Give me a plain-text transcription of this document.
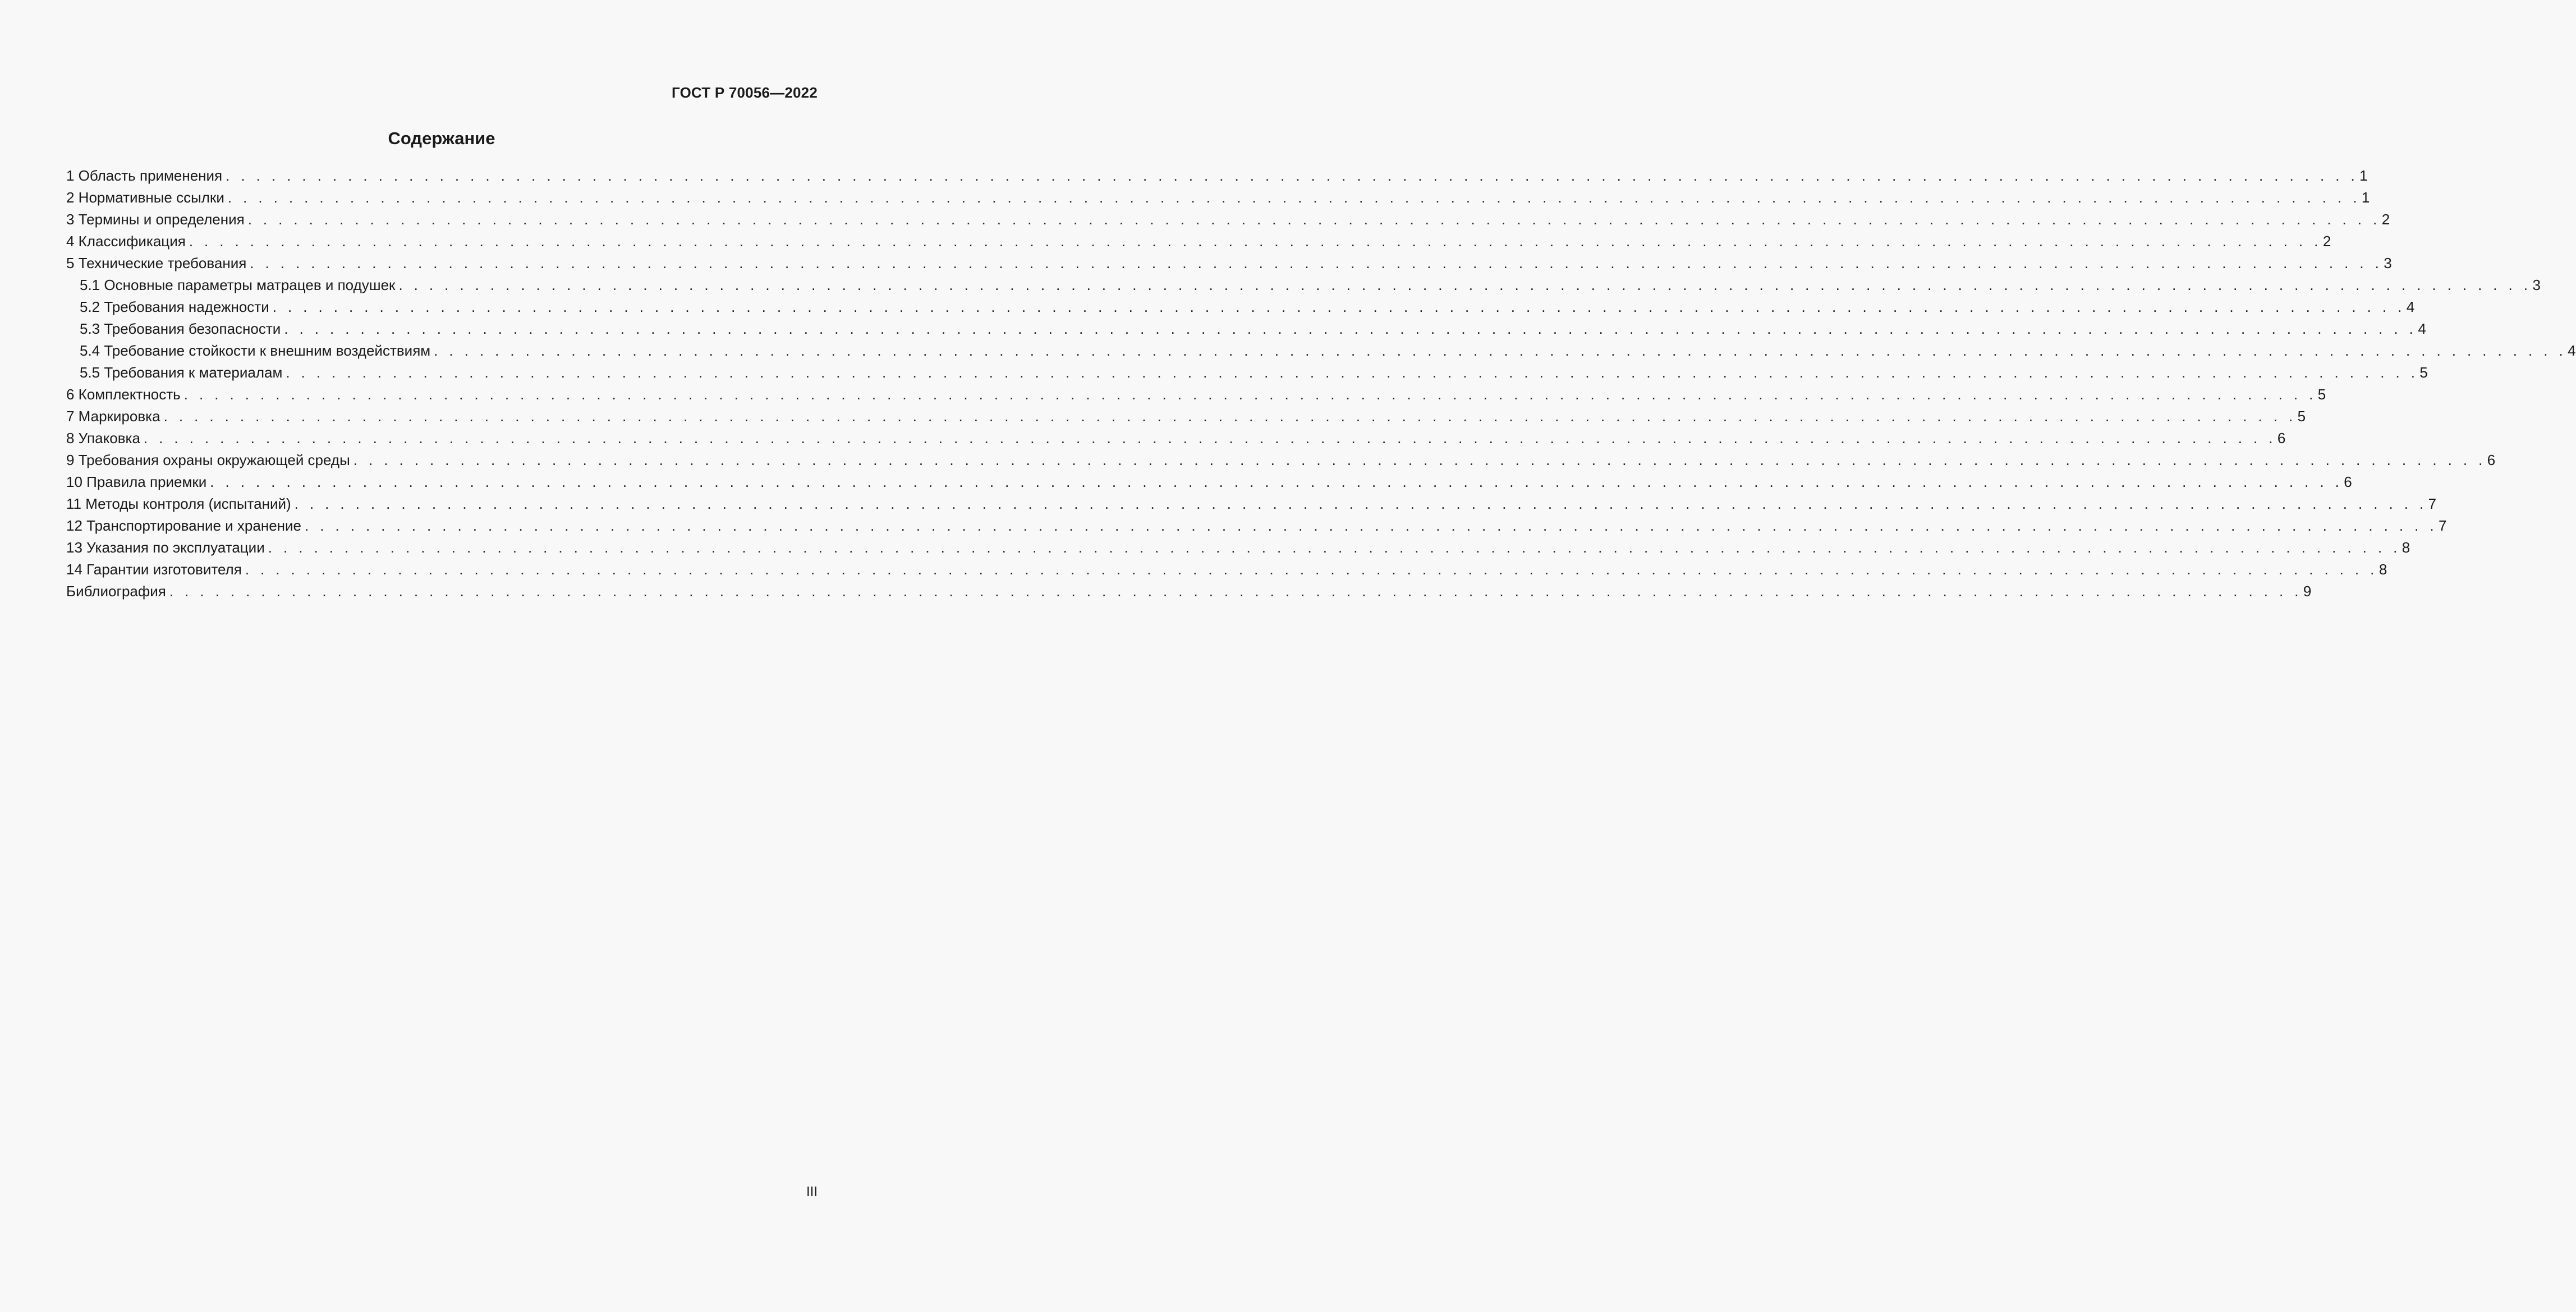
ГОСТ Р 70056—2022
Содержание
1 Область применения . . . . . . . . . . . . . . . . . . . . . . . . . . . . . . . . . . . . . . . . . . . . . . . . . . . . . . . . . . . . . . . . . . . . . . . . . . . . . . . . . . . . . . . . . . . . . . . . . . . . . . . . . . . . . . . . . . . . . . . . . . . . . . . . . . . . . . . . . . . . 1
2 Нормативные ссылки . . . . . . . . . . . . . . . . . . . . . . . . . . . . . . . . . . . . . . . . . . . . . . . . . . . . . . . . . . . . . . . . . . . . . . . . . . . . . . . . . . . . . . . . . . . . . . . . . . . . . . . . . . . . . . . . . . . . . . . . . . . . . . . . . . . . . . . . . . . . 1
3 Термины и определения . . . . . . . . . . . . . . . . . . . . . . . . . . . . . . . . . . . . . . . . . . . . . . . . . . . . . . . . . . . . . . . . . . . . . . . . . . . . . . . . . . . . . . . . . . . . . . . . . . . . . . . . . . . . . . . . . . . . . . . . . . . . . . . . . . . . . . . . . . . . 2
4 Классификация . . . . . . . . . . . . . . . . . . . . . . . . . . . . . . . . . . . . . . . . . . . . . . . . . . . . . . . . . . . . . . . . . . . . . . . . . . . . . . . . . . . . . . . . . . . . . . . . . . . . . . . . . . . . . . . . . . . . . . . . . . . . . . . . . . . . . . . . . . . . 2
5 Технические требования . . . . . . . . . . . . . . . . . . . . . . . . . . . . . . . . . . . . . . . . . . . . . . . . . . . . . . . . . . . . . . . . . . . . . . . . . . . . . . . . . . . . . . . . . . . . . . . . . . . . . . . . . . . . . . . . . . . . . . . . . . . . . . . . . . . . . . . . . . . . 3
5.1 Основные параметры матрацев и подушек . . . . . . . . . . . . . . . . . . . . . . . . . . . . . . . . . . . . . . . . . . . . . . . . . . . . . . . . . . . . . . . . . . . . . . . . . . . . . . . . . . . . . . . . . . . . . . . . . . . . . . . . . . . . . . . . . . . . . . . . . . . . . . . . . . . . . . . . . . . . 3
5.2 Требования надежности . . . . . . . . . . . . . . . . . . . . . . . . . . . . . . . . . . . . . . . . . . . . . . . . . . . . . . . . . . . . . . . . . . . . . . . . . . . . . . . . . . . . . . . . . . . . . . . . . . . . . . . . . . . . . . . . . . . . . . . . . . . . . . . . . . . . . . . . . . . . 4
5.3 Требования безопасности . . . . . . . . . . . . . . . . . . . . . . . . . . . . . . . . . . . . . . . . . . . . . . . . . . . . . . . . . . . . . . . . . . . . . . . . . . . . . . . . . . . . . . . . . . . . . . . . . . . . . . . . . . . . . . . . . . . . . . . . . . . . . . . . . . . . . . . . . . . . 4
5.4 Требование стойкости к внешним воздействиям . . . . . . . . . . . . . . . . . . . . . . . . . . . . . . . . . . . . . . . . . . . . . . . . . . . . . . . . . . . . . . . . . . . . . . . . . . . . . . . . . . . . . . . . . . . . . . . . . . . . . . . . . . . . . . . . . . . . . . . . . . . . . . . . . . . . . . . . . . . . 4
5.5 Требования к материалам . . . . . . . . . . . . . . . . . . . . . . . . . . . . . . . . . . . . . . . . . . . . . . . . . . . . . . . . . . . . . . . . . . . . . . . . . . . . . . . . . . . . . . . . . . . . . . . . . . . . . . . . . . . . . . . . . . . . . . . . . . . . . . . . . . . . . . . . . . . . 5
6 Комплектность . . . . . . . . . . . . . . . . . . . . . . . . . . . . . . . . . . . . . . . . . . . . . . . . . . . . . . . . . . . . . . . . . . . . . . . . . . . . . . . . . . . . . . . . . . . . . . . . . . . . . . . . . . . . . . . . . . . . . . . . . . . . . . . . . . . . . . . . . . . . 5
7 Маркировка . . . . . . . . . . . . . . . . . . . . . . . . . . . . . . . . . . . . . . . . . . . . . . . . . . . . . . . . . . . . . . . . . . . . . . . . . . . . . . . . . . . . . . . . . . . . . . . . . . . . . . . . . . . . . . . . . . . . . . . . . . . . . . . . . . . . . . . . . . . . 5
8 Упаковка . . . . . . . . . . . . . . . . . . . . . . . . . . . . . . . . . . . . . . . . . . . . . . . . . . . . . . . . . . . . . . . . . . . . . . . . . . . . . . . . . . . . . . . . . . . . . . . . . . . . . . . . . . . . . . . . . . . . . . . . . . . . . . . . . . . . . . . . . . . . 6
9 Требования охраны окружающей среды . . . . . . . . . . . . . . . . . . . . . . . . . . . . . . . . . . . . . . . . . . . . . . . . . . . . . . . . . . . . . . . . . . . . . . . . . . . . . . . . . . . . . . . . . . . . . . . . . . . . . . . . . . . . . . . . . . . . . . . . . . . . . . . . . . . . . . . . . . . . 6
10 Правила приемки . . . . . . . . . . . . . . . . . . . . . . . . . . . . . . . . . . . . . . . . . . . . . . . . . . . . . . . . . . . . . . . . . . . . . . . . . . . . . . . . . . . . . . . . . . . . . . . . . . . . . . . . . . . . . . . . . . . . . . . . . . . . . . . . . . . . . . . . . . . . 6
11 Методы контроля (испытаний) . . . . . . . . . . . . . . . . . . . . . . . . . . . . . . . . . . . . . . . . . . . . . . . . . . . . . . . . . . . . . . . . . . . . . . . . . . . . . . . . . . . . . . . . . . . . . . . . . . . . . . . . . . . . . . . . . . . . . . . . . . . . . . . . . . . . . . . . . . . . 7
12 Транспортирование и хранение . . . . . . . . . . . . . . . . . . . . . . . . . . . . . . . . . . . . . . . . . . . . . . . . . . . . . . . . . . . . . . . . . . . . . . . . . . . . . . . . . . . . . . . . . . . . . . . . . . . . . . . . . . . . . . . . . . . . . . . . . . . . . . . . . . . . . . . . . . . . 7
13 Указания по эксплуатации . . . . . . . . . . . . . . . . . . . . . . . . . . . . . . . . . . . . . . . . . . . . . . . . . . . . . . . . . . . . . . . . . . . . . . . . . . . . . . . . . . . . . . . . . . . . . . . . . . . . . . . . . . . . . . . . . . . . . . . . . . . . . . . . . . . . . . . . . . . . 8
14 Гарантии изготовителя . . . . . . . . . . . . . . . . . . . . . . . . . . . . . . . . . . . . . . . . . . . . . . . . . . . . . . . . . . . . . . . . . . . . . . . . . . . . . . . . . . . . . . . . . . . . . . . . . . . . . . . . . . . . . . . . . . . . . . . . . . . . . . . . . . . . . . . . . . . . 8
Библиография . . . . . . . . . . . . . . . . . . . . . . . . . . . . . . . . . . . . . . . . . . . . . . . . . . . . . . . . . . . . . . . . . . . . . . . . . . . . . . . . . . . . . . . . . . . . . . . . . . . . . . . . . . . . . . . . . . . . . . . . . . . . . . . . . . . . . . . . . . . . 9
III
